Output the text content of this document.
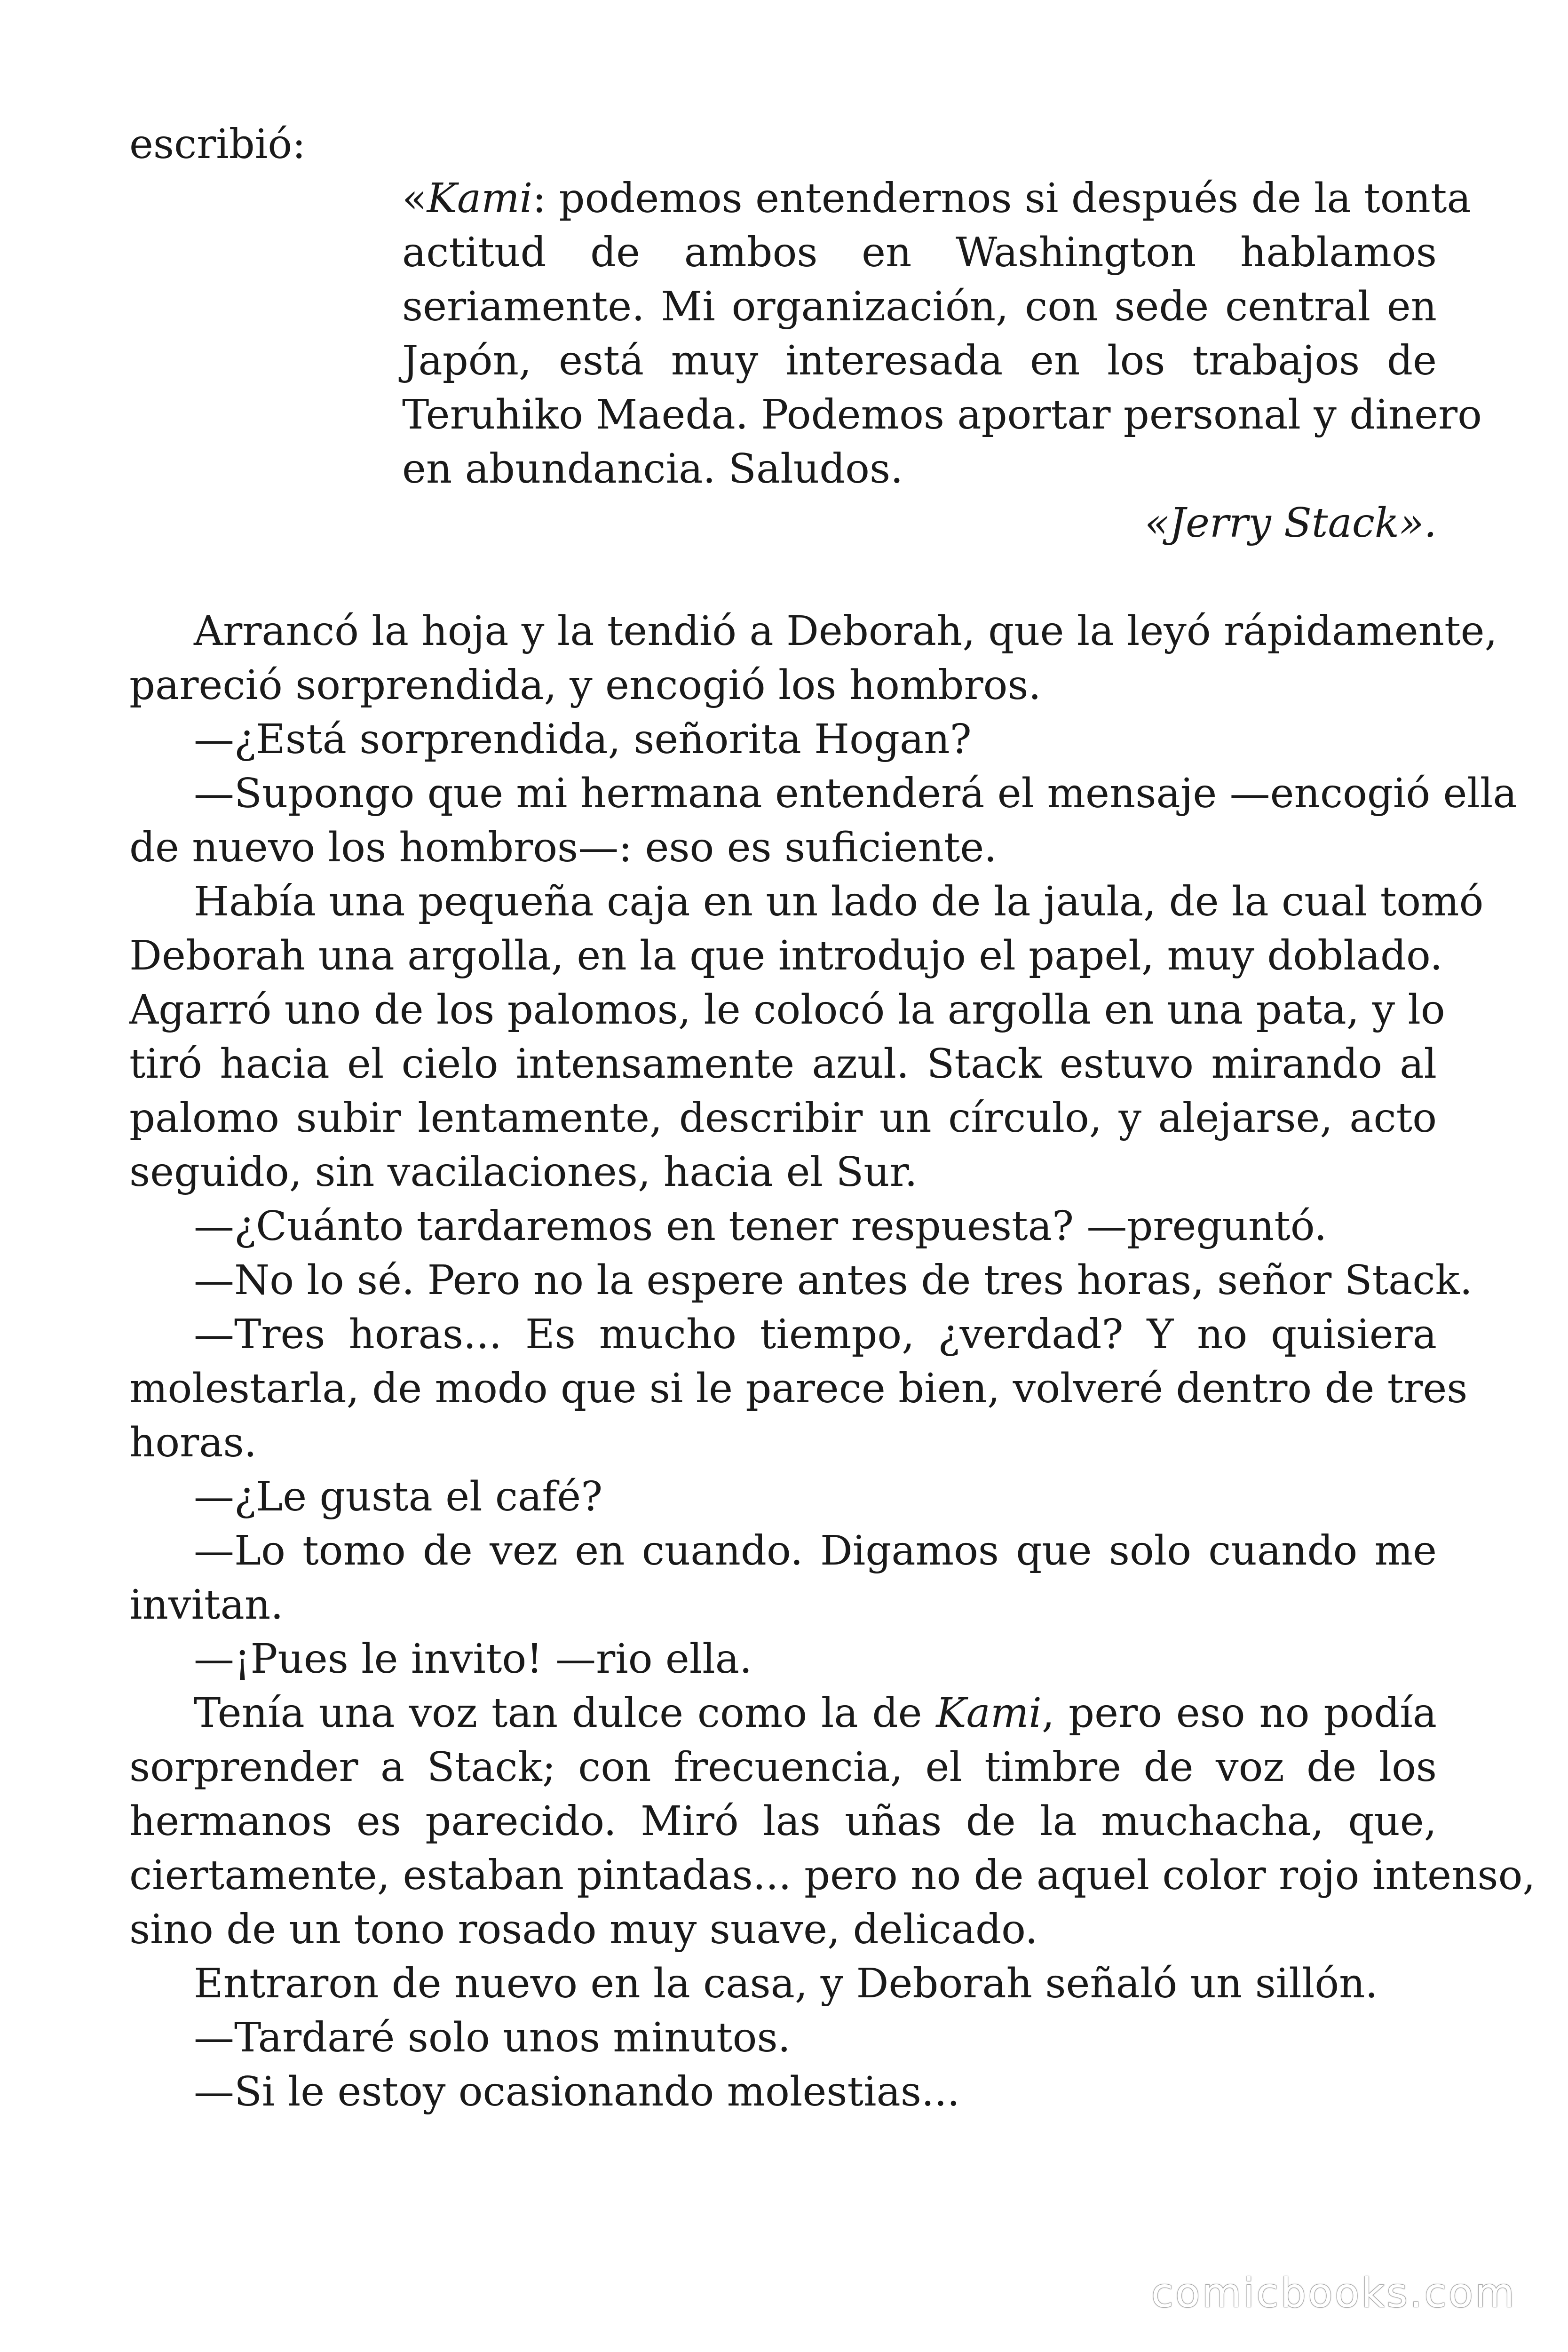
escribió:
«Kami: podemos entendernos si después de la tonta
actitud de ambos en Washington hablamos
seriamente. Mi organización, con sede central en
Japón, está muy interesada en los trabajos de
Teruhiko Maeda. Podemos aportar personal y dinero
en abundancia. Saludos.
«Jerry Stack».
Arrancó la hoja y la tendió a Deborah, que la leyó rápidamente,
pareció sorprendida, y encogió los hombros.
—¿Está sorprendida, señorita Hogan?
—Supongo que mi hermana entenderá el mensaje —encogió ella
de nuevo los hombros—: eso es suficiente.
Había una pequeña caja en un lado de la jaula, de la cual tomó
Deborah una argolla, en la que introdujo el papel, muy doblado.
Agarró uno de los palomos, le colocó la argolla en una pata, y lo
tiró hacia el cielo intensamente azul. Stack estuvo mirando al
palomo subir lentamente, describir un círculo, y alejarse, acto
seguido, sin vacilaciones, hacia el Sur.
—¿Cuánto tardaremos en tener respuesta? —preguntó.
—No lo sé. Pero no la espere antes de tres horas, señor Stack.
—Tres horas... Es mucho tiempo, ¿verdad? Y no quisiera
molestarla, de modo que si le parece bien, volveré dentro de tres
horas.
—¿Le gusta el café?
—Lo tomo de vez en cuando. Digamos que solo cuando me
invitan.
—¡Pues le invito! —rio ella.
Tenía una voz tan dulce como la de Kami, pero eso no podía
sorprender a Stack; con frecuencia, el timbre de voz de los
hermanos es parecido. Miró las uñas de la muchacha, que,
ciertamente, estaban pintadas... pero no de aquel color rojo intenso,
sino de un tono rosado muy suave, delicado.
Entraron de nuevo en la casa, y Deborah señaló un sillón.
—Tardaré solo unos minutos.
—Si le estoy ocasionando molestias...
comicbooks.com
